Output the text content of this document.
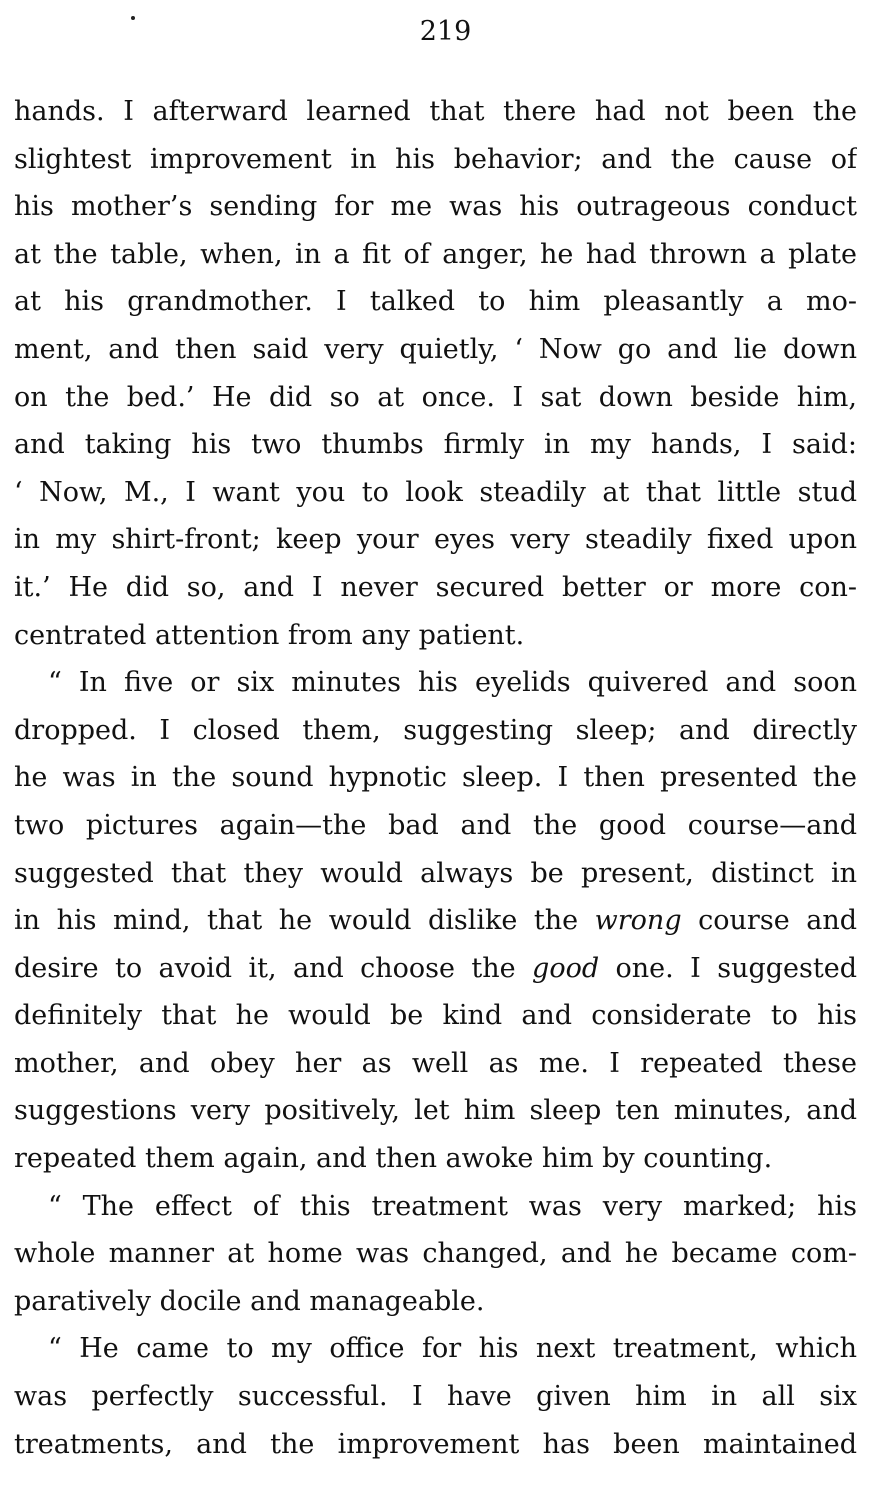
219
hands. I afterward learned that there had not been the
slightest improvement in his behavior; and the cause of
his mother’s sending for me was his outrageous conduct
at the table, when, in a fit of anger, he had thrown a plate
at his grandmother. I talked to him pleasantly a mo-
ment, and then said very quietly, ‘ Now go and lie down
on the bed.’ He did so at once. I sat down beside him,
and taking his two thumbs firmly in my hands, I said:
‘ Now, M., I want you to look steadily at that little stud
in my shirt-front; keep your eyes very steadily fixed upon
it.’ He did so, and I never secured better or more con-
centrated attention from any patient.
“ In five or six minutes his eyelids quivered and soon
dropped. I closed them, suggesting sleep; and directly
he was in the sound hypnotic sleep. I then presented the
two pictures again—the bad and the good course—and
suggested that they would always be present, distinct in
in his mind, that he would dislike the wrong course and
desire to avoid it, and choose the good one. I suggested
definitely that he would be kind and considerate to his
mother, and obey her as well as me. I repeated these
suggestions very positively, let him sleep ten minutes, and
repeated them again, and then awoke him by counting.
“ The effect of this treatment was very marked; his
whole manner at home was changed, and he became com-
paratively docile and manageable.
“ He came to my office for his next treatment, which
was perfectly successful. I have given him in all six
treatments, and the improvement has been maintained
